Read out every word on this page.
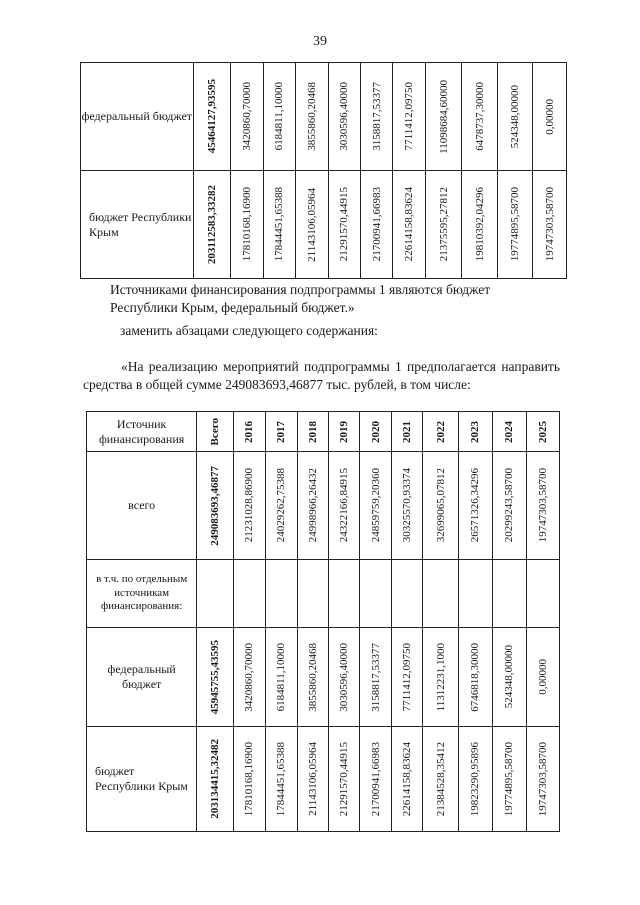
39
федеральный бюджет	45464127,93595	3420860,70000	6184811,10000	3855860,20468	3030596,40000	3158817,53377	7711412,09750	11098684,60000	6478737,30000	524348,00000	0,00000

бюджет Республики Крым	203112583,33282	17810168,16900	17844451,65388	21143106,05964	21291570,44915	21700941,66983	22614158,83624	21375595,27812	19810392,04296	19774895,58700	19747303,58700
Источниками финансирования подпрограммы 1 являются бюджет Республики Крым, федеральный бюджет.»
заменить абзацами следующего содержания:
«На реализацию мероприятий подпрограммы 1 предполагается направить средства в общей сумме 249083693,46877 тыс. рублей, в том числе:
Источник финансирования	Всего	2016	2017	2018	2019	2020	2021	2022	2023	2024	2025

всего	249083693,46877	21231028,86900	24029262,75388	24998966,26432	24322166,84915	24859759,20360	30325570,93374	32699065,07812	26571326,34296	20299243,58700	19747303,58700

в т.ч. по отдельным источникам финансирования:											
федеральный бюджет	45945755,43595	3420860,70000	6184811,10000	3855860,20468	3030596,40000	3158817,53377	7711412,09750	11312231,1000	6746818,30000	524348,00000	0,00000

бюджет Республики Крым	203134415,32482	17810168,16900	17844451,65388	21143106,05964	21291570,44915	21700941,66983	22614158,83624	21384528,35412	19823290,95896	19774895,58700	19747303,58700
